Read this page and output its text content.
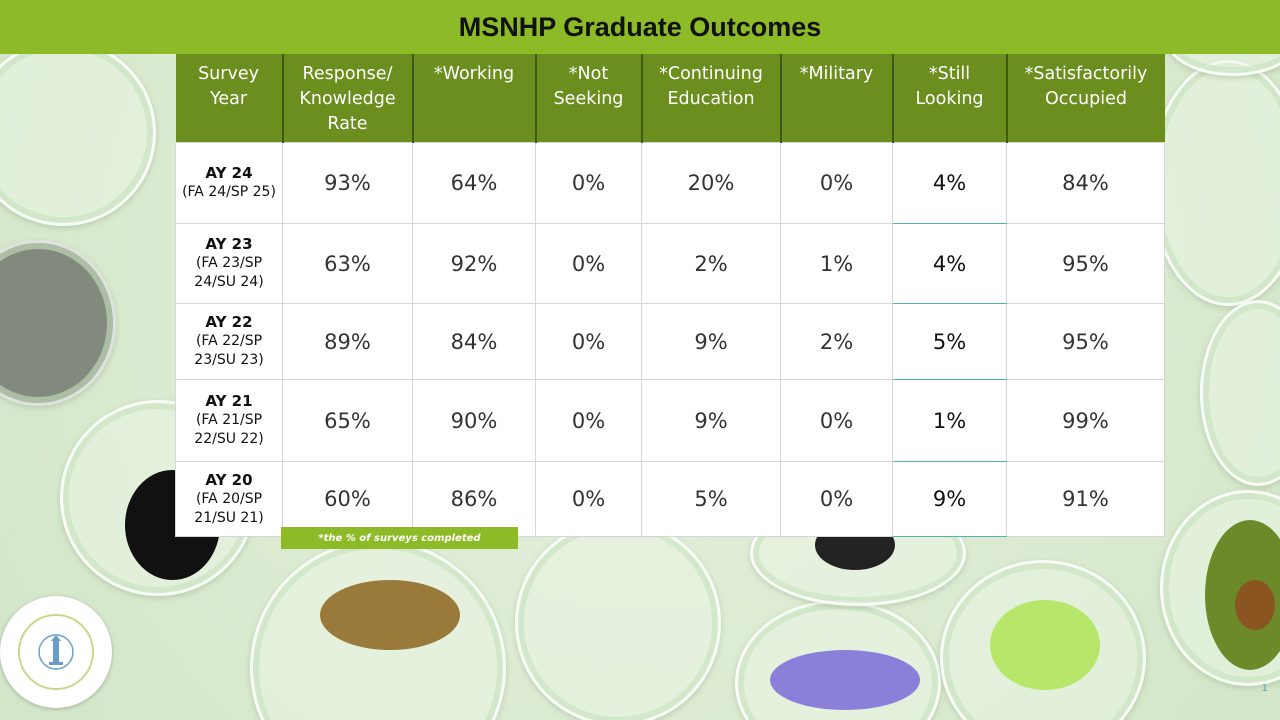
MSNHP Graduate Outcomes
Survey Year	Response/ Knowledge Rate	*Working	*Not Seeking	*Continuing Education	*Military	*Still Looking	*Satisfactorily Occupied

AY 24
(FA 24/SP 25)	93%	64%	0%	20%	0%	4%	84%

AY 23
(FA 23/SP 24/SU 24)	63%	92%	0%	2%	1%	4%	95%

AY 22
(FA 22/SP 23/SU 23)	89%	84%	0%	9%	2%	5%	95%

AY 21
(FA 21/SP 22/SU 22)	65%	90%	0%	9%	0%	1%	99%

AY 20
(FA 20/SP 21/SU 21)	60%	86%	0%	5%	0%	9%	91%
*the % of surveys completed
1
